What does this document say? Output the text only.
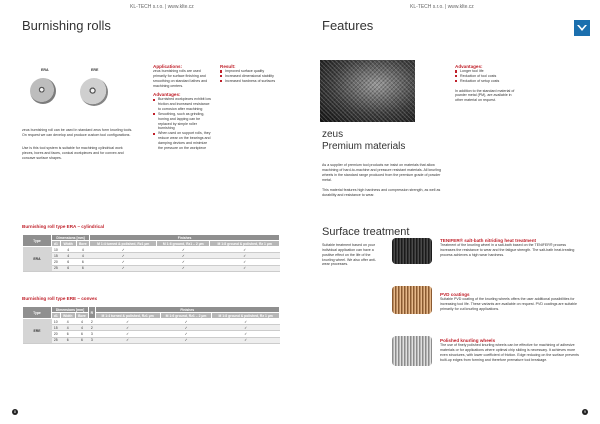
KL-TECH s.r.o. | www.klte.cz
Burnishing rolls
ERA	ERE
zeus burnishing roll can be used in standard zeus form knurling tools. On request we can develop and produce custom tool configurations.
Use is this tool system is suitable for machining cylindrical work pieces, bores and faces, conical workpieces and for convex and concave surface shapes.
Applications:
zeus burnishing rolls are used primarily for surface finishing and smoothing on standard lathes and machining centers.
Advantages:
Burnished workpieces exhibit low friction and increased resistance to corrosion after machining
Smoothing, such as grinding, honing and lapping can be replaced by simple roller burnishing
When used on support rolls, they reduce wear on the bearings and damping devices and minimize the pressure on the workpiece
Result:
Improved surface quality
Increased dimensional stability
Increased hardness of surfaces
Burnishing roll type ERA – cylindrical
Type	Dimensions [mm]			Finishes		
	d1	Width	Bore	M 1:4 turned & polished, Rz1 µm	M 1:6 ground, Rz1 – 2 µm	M 1:8 ground & polished, Rz 1 µm
ERA	10	4	4	✓	✓	✓
	15	4	4	✓	✓	✓
	20	6	6	✓	✓	✓
	25	6	6	✓	✓	✓
Burnishing roll type ERE – convex
Type	Dimensions [mm]			R	Finishes		
	d1	Width	Bore		M 1:4 turned & polished, Rz1 µm	M 1:6 ground, Rz1 – 2 µm	M 1:8 ground & polished, Rz 1 µm
ERE	10	4	4	2	✓	✓	✓
	15	4	4	2	✓	✓	✓
	20	6	6	3	✓	✓	✓
	25	6	6	3	✓	✓	✓
8
KL-TECH s.r.o. | www.klte.cz
Features
zeus
Premium materials
As a supplier of premium tool products we insist on materials that allow machining of hard-to-machine and pressure resistant materials. All knurling wheels in the standard range produced from the premium grade of powder metal.
This material features high hardness and compression strength, as well as durability and resistance to wear.
Advantages:
Longer tool life
Reduction of tool costs
Reduction of setup costs
In addition to the standard material of powder metal (PM), are available in other material on request.
Surface treatment
Suitable treatment based on your individual application can have a positive effect on the life of the knurling wheel. We also offer anti-wear processes.
TENIFER® salt-bath nitriding heat treatment
Treatment of the knurling wheel in a salt-bath based on the TENIFER® process increases the resistance to wear and the fatigue strength. The salt-bath heat-treating process achieves a high wear hardness.
PVD coatings
Suitable PVD coating of the knurling wheels offers the user additional possibilities for increasing tool life. These variants are available on request. PVD coatings are suitable primarily for cut knurling applications.
Polished knurling wheels
The use of finely polished knurling wheels can be effective for machining of adhesive materials or for applications where optimal chip sliding is necessary. It achieves more even structures, with lower coefficient of friction. Edge reducing on the surface prevents built-up edges from forming and therefore premature tool breakage.
9
